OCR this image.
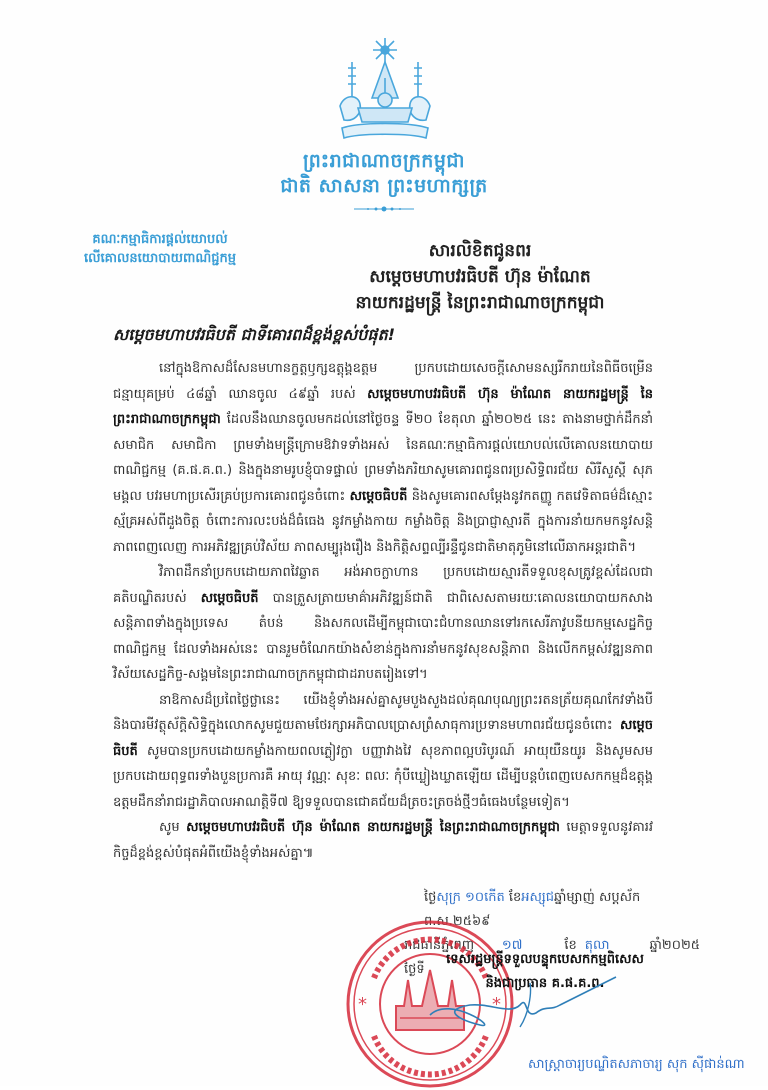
ព្រះរាជាណាចក្រកម្ពុជា
ជាតិ សាសនា ព្រះមហាក្សត្រ
គណៈកម្មាធិការផ្តល់យោបល់
លើគោលនយោបាយពាណិជ្ជកម្ម	សារលិខិតជូនពរ
សម្តេចមហាបវរធិបតី ហ៊ុន ម៉ាណែត
នាយករដ្ឋមន្ត្រី នៃព្រះរាជាណាចក្រកម្ពុជា
សម្តេចមហាបវរធិបតី ជាទីគោរពដ៏ខ្ពង់ខ្ពស់បំផុត!

នៅក្នុងឱកាសដ៏សែនមហានក្ខត្តឫក្សឧត្តុង្គឧត្តម ប្រកបដោយសេចក្តីសោមនស្សរីករាយនៃពិធីចម្រើនជន្មាយុគម្រប់ ៤៨ឆ្នាំ ឈានចូល ៤៩ឆ្នាំ របស់ សម្តេចមហាបវរធិបតី ហ៊ុន ម៉ាណែត នាយករដ្ឋមន្ត្រី នៃព្រះរាជាណាចក្រកម្ពុជា ដែលនឹងឈានចូលមកដល់នៅថ្ងៃចន្ទ ទី២០ ខែតុលា ឆ្នាំ២០២៥ នេះ តាងនាមថ្នាក់ដឹកនាំ សមាជិក សមាជិកា ព្រមទាំងមន្ត្រីក្រោមឱវាទទាំងអស់ នៃគណៈកម្មាធិការផ្តល់យោបល់លើគោលនយោបាយពាណិជ្ជកម្ម (គ.ផ.គ.ព.) និងក្នុងនាមរូបខ្ញុំបាទផ្ទាល់ ព្រមទាំងភរិយាសូមគោរពជូនពរប្រសិទ្ធិពរជ័យ សិរីសួស្តី សុភមង្គល បវរមហាប្រសើរគ្រប់ប្រការគោរពជូនចំពោះ សម្តេចធិបតី និងសូមគោរពសម្តែងនូវកតញ្ញូ កតវេទិតាធម៌ដ៏ស្មោះស្ម័គ្រអស់ពីដួងចិត្ត ចំពោះការលះបង់ដ៏ធំធេង នូវកម្លាំងកាយ កម្លាំងចិត្ត និងប្រាជ្ញាស្មារតី ក្នុងការនាំយកមកនូវសន្តិភាពពេញលេញ ការអភិវឌ្ឍគ្រប់វិស័យ ភាពសម្បូរុងរឿង និងកិត្តិសព្ទល្បីរន្ទឺជូនជាតិមាតុភូមិនៅលើឆាកអន្តរជាតិ។

វិភាពដឹកនាំប្រកបដោយភាពវៃឆ្លាត អង់អាចក្លាហាន ប្រកបដោយស្មារតីទទួលខុសត្រូវខ្ពស់ដែលជាគតិបណ្ឌិតរបស់ សម្តេចធិបតី បានត្រួសត្រាយមាគ៌ាអភិវឌ្ឍន៍ជាតិ ជាពិសេសតាមរយៈគោលនយោបាយកសាងសន្តិភាពទាំងក្នុងប្រទេស តំបន់ និងសកលដើម្បីកម្ពុជាបោះជំហានឈានទៅរកសេរីភាវូបនីយកម្មសេដ្ឋកិច្ច ពាណិជ្ជកម្ម ដែលទាំងអស់នេះ បានរួមចំណែកយ៉ាងសំខាន់ក្នុងការនាំមកនូវសុខសន្តិភាព និងលើកកម្ពស់វឌ្ឍនភាពវិស័យសេដ្ឋកិច្ច-សង្គមនៃព្រះរាជាណាចក្រកម្ពុជាជាដរាបតរៀងទៅ។

នាឱកាសដ៏ប្រពៃថ្លៃថ្លានេះ យើងខ្ញុំទាំងអស់គ្នាសូមបួងសួងដល់គុណបុណ្យព្រះរតនត្រ័យគុណកែវទាំងបី និងបារមីវត្ថុស័ក្តិសិទ្ធិក្នុងលោកសូមជួយតាមថែរក្សាអភិបាលប្រោសព្រំសាធុការប្រទានមហាពរជ័យជូនចំពោះ សម្តេចធិបតី សូមបានប្រកបដោយកម្លាំងកាយពលភ្លៀវក្លា បញ្ញាវាងវៃ សុខភាពល្អបរិបូរណ៍ អាយុយឺនយូរ និងសូមសមប្រកបដោយពុទ្ធពរទាំងបួនប្រការគឺ អាយុ វណ្ណៈ សុខៈ ពលៈ កុំបីឃ្លៀងឃ្លាតឡើយ ដើម្បីបន្តបំពេញបេសកកម្មដ៏ឧត្តុង្គឧត្តមដឹកនាំរាជរដ្ឋាភិបាលអាណត្តិទី៧ ឱ្យទទួលបានជោគជ័យដ៏ត្រចះត្រចង់ថ្មីៗធំធេងបន្ថែមទៀត។

សូម សម្តេចមហាបវរធិបតី ហ៊ុន ម៉ាណែត នាយករដ្ឋមន្ត្រី នៃព្រះរាជាណាចក្រកម្ពុជា មេត្តាទទួលនូវគារវកិច្ចដ៏ខ្ពង់ខ្ពស់បំផុតអំពីយើងខ្ញុំទាំងអស់គ្នា៕

ថ្ងៃសុក្រ ១០កេីត ខែអស្សុជឆ្នាំម្សាញ់ សប្តស័ក ព.ស.២៥៦៩
រាជធានីភ្នំពេញ ថ្ងៃទី
១៧	ខែ តុលា	ឆ្នាំ២០២៥
*	*
ទេសរដ្ឋមន្ត្រីទទួលបន្ទុកបេសកកម្មពិសេស
និងជាប្រធាន គ.ផ.គ.ព.
សាស្ត្រាចារ្យបណ្ឌិតសភាចារ្យ សុក ស៊ីផាន់ណា
